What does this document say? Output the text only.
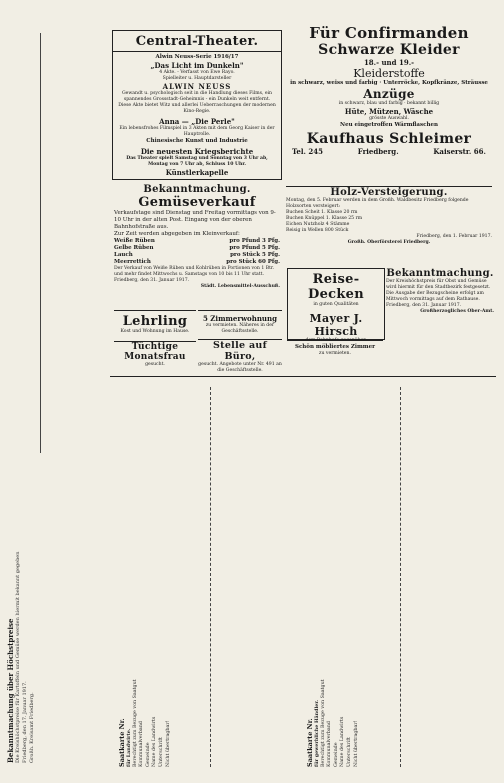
Bekanntmachung über Höchstpreise Die Kreishöchstpreise für Kartoffeln und Gemüse werden hiermit bekannt gegeben Friedberg, den 17. Januar 1917. Großh. Kreisamt Friedberg.
Central-Theater.
Alwin Neuss-Serie 1916/17
„Das Licht im Dunkeln"
4 Akte. - Verfasst von Ewe Rayo.
Spielleiter u. Hauptdarsteller
ALWIN NEUSS
Gewandt u. psychologisch seit in die Handlung dieses Films, ein spannendes Grossstadt-Geheimnis - ein Dunkeln weit entfernt. Diese Akte bietet Witz und allerlei Ueberraschungen der modernen Kino-Regie.
Anna — „Die Perle"
Ein lebensfrohes Filmspiel in 3 Akten mit dem Georg Kaiser in der Hauptrolle.
Chinesische Kunst und Industrie
Die neuesten Kriegsberichte
Das Theater spielt Samstag und Sonntag von 3 Uhr ab, Montag von 7 Uhr ab, Schluss 10 Uhr.
Künstlerkapelle
Für Confirmanden
Schwarze Kleider
18.- und 19.-
Kleiderstoffe
in schwarz, weiss und farbig · Unterröcke, Kopfkränze, Sträusse
Anzüge
in schwarz, blau und farbig · bekannt billig
Hüte, Mützen, Wäsche
grösste Auswahl.
Neu eingetroffen Wärmflaschen
Kaufhaus Schleimer
Tel. 245	Friedberg.	Kaiserstr. 66.
Holz-Versteigerung.
Montag, den 5. Februar werden in dem Großh. Waldbesitz Friedberg folgende Holzsorten versteigert:
Buchen Scheit 1. Klasse 20 rm
Buchen Knüppel 1. Klasse 25 rm
Eichen Nutzholz 4 Stämme
Reisig in Wellen 800 Stück
Friedberg, den 1. Februar 1917.
Großh. Oberförsterei Friedberg.
Bekanntmachung.
Gemüseverkauf
Verkaufstage sind Dienstag und Freitag vormittags von 9-10 Uhr in der alten Post. Eingang von der oberen Bahnhofstraße aus.
Zur Zeit werden abgegeben im Kleinverkauf:
Weiße Rüben	pro Pfund 3 Pfg.
Gelbe Rüben	pro Pfund 5 Pfg.
Lauch	pro Stück 5 Pfg.
Meerrettich	pro Stück 60 Pfg.
Der Verkauf von Weiße Rüben und Kohlrüben in Portionen von 1 Btr. und mehr findet Mittwochs u. Samstags von 10 bis 11 Uhr statt.
Friedberg, den 31. Januar 1917.
Städt. Lebensmittel-Ausschuß.
Lehrling
Kost und Wohnung im Hause.
Tüchtige Monatsfrau
gesucht.
5 Zimmerwohnung
zu vermieten. Näheres in der Geschäftsstelle.
Stelle auf Büro,
gesucht. Angebote unter Nr. 491 an die Geschäftsstelle.
Reise-Decken
in guten Qualitäten
Mayer J. Hirsch
Schön möbliertes Zimmer
zu vermieten.
Bekanntmachung.
Der Kreishöchstpreis für Obst und Gemüse wird hiermit für den Stadtbezirk festgesetzt. Die Ausgabe der Bezugscheine erfolgt am Mittwoch vormittags auf dem Rathause.
Friedberg, den 31. Januar 1917.
Großherzogliches Ober-Amt.
Saatkarte Nr. für Landwirte. Berechtigt zum Bezuge von Saatgut Kommunalverband Gemeinde Name des Landwirts Unterschrift Nicht übertragbar!	Saatkarte Nr. für gewerbliche Händler. Berechtigt zum Bezuge von Saatgut Kommunalverband Gemeinde Name des Landwirts Unterschrift Nicht übertragbar!
